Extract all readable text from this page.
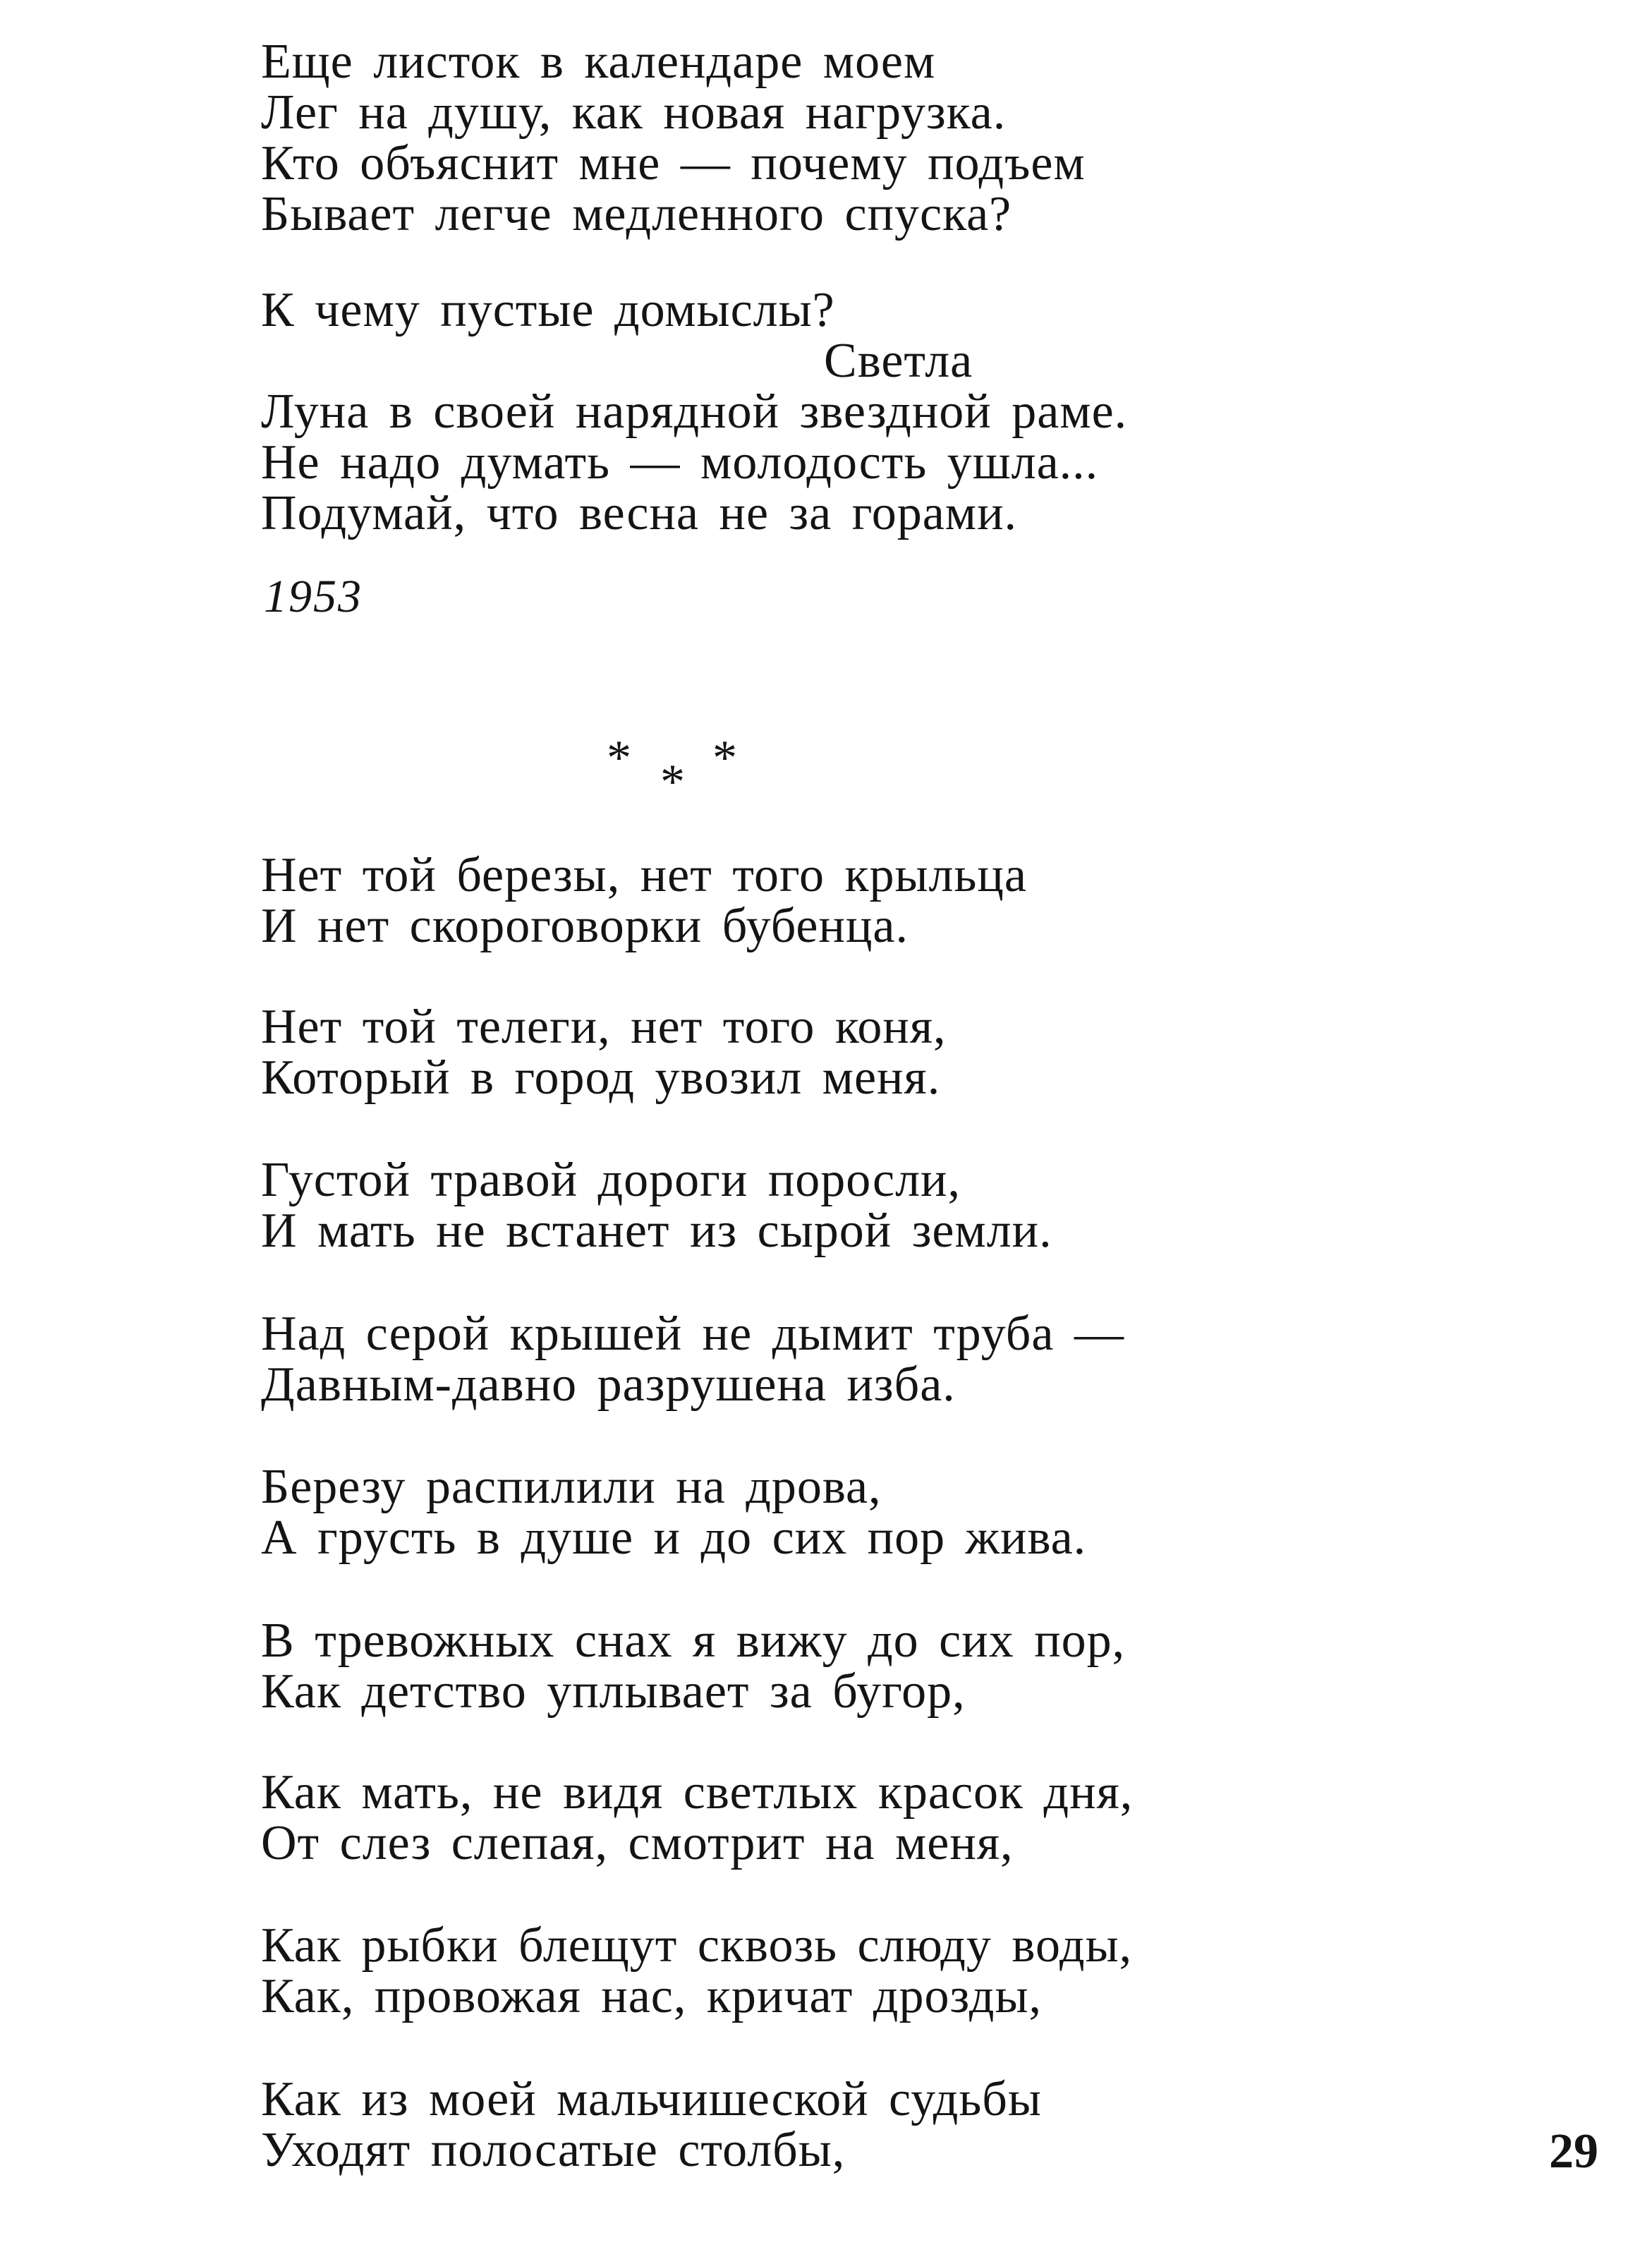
Еще листок в календаре моем
Лег на душу, как новая нагрузка.
Кто объяснит мне — почему подъем
Бывает легче медленного спуска?
К чему пустые домыслы?
Светла
Луна в своей нарядной звездной раме.
Не надо думать — молодость ушла...
Подумай, что весна не за горами.
1953
* * *
Нет той березы, нет того крыльца
И нет скороговорки бубенца.
Нет той телеги, нет того коня,
Который в город увозил меня.
Густой травой дороги поросли,
И мать не встанет из сырой земли.
Над серой крышей не дымит труба —
Давным-давно разрушена изба.
Березу распилили на дрова,
А грусть в душе и до сих пор жива.
В тревожных снах я вижу до сих пор,
Как детство уплывает за бугор,
Как мать, не видя светлых красок дня,
От слез слепая, смотрит на меня,
Как рыбки блещут сквозь слюду воды,
Как, провожая нас, кричат дрозды,
Как из моей мальчишеской судьбы
Уходят полосатые столбы,	29
